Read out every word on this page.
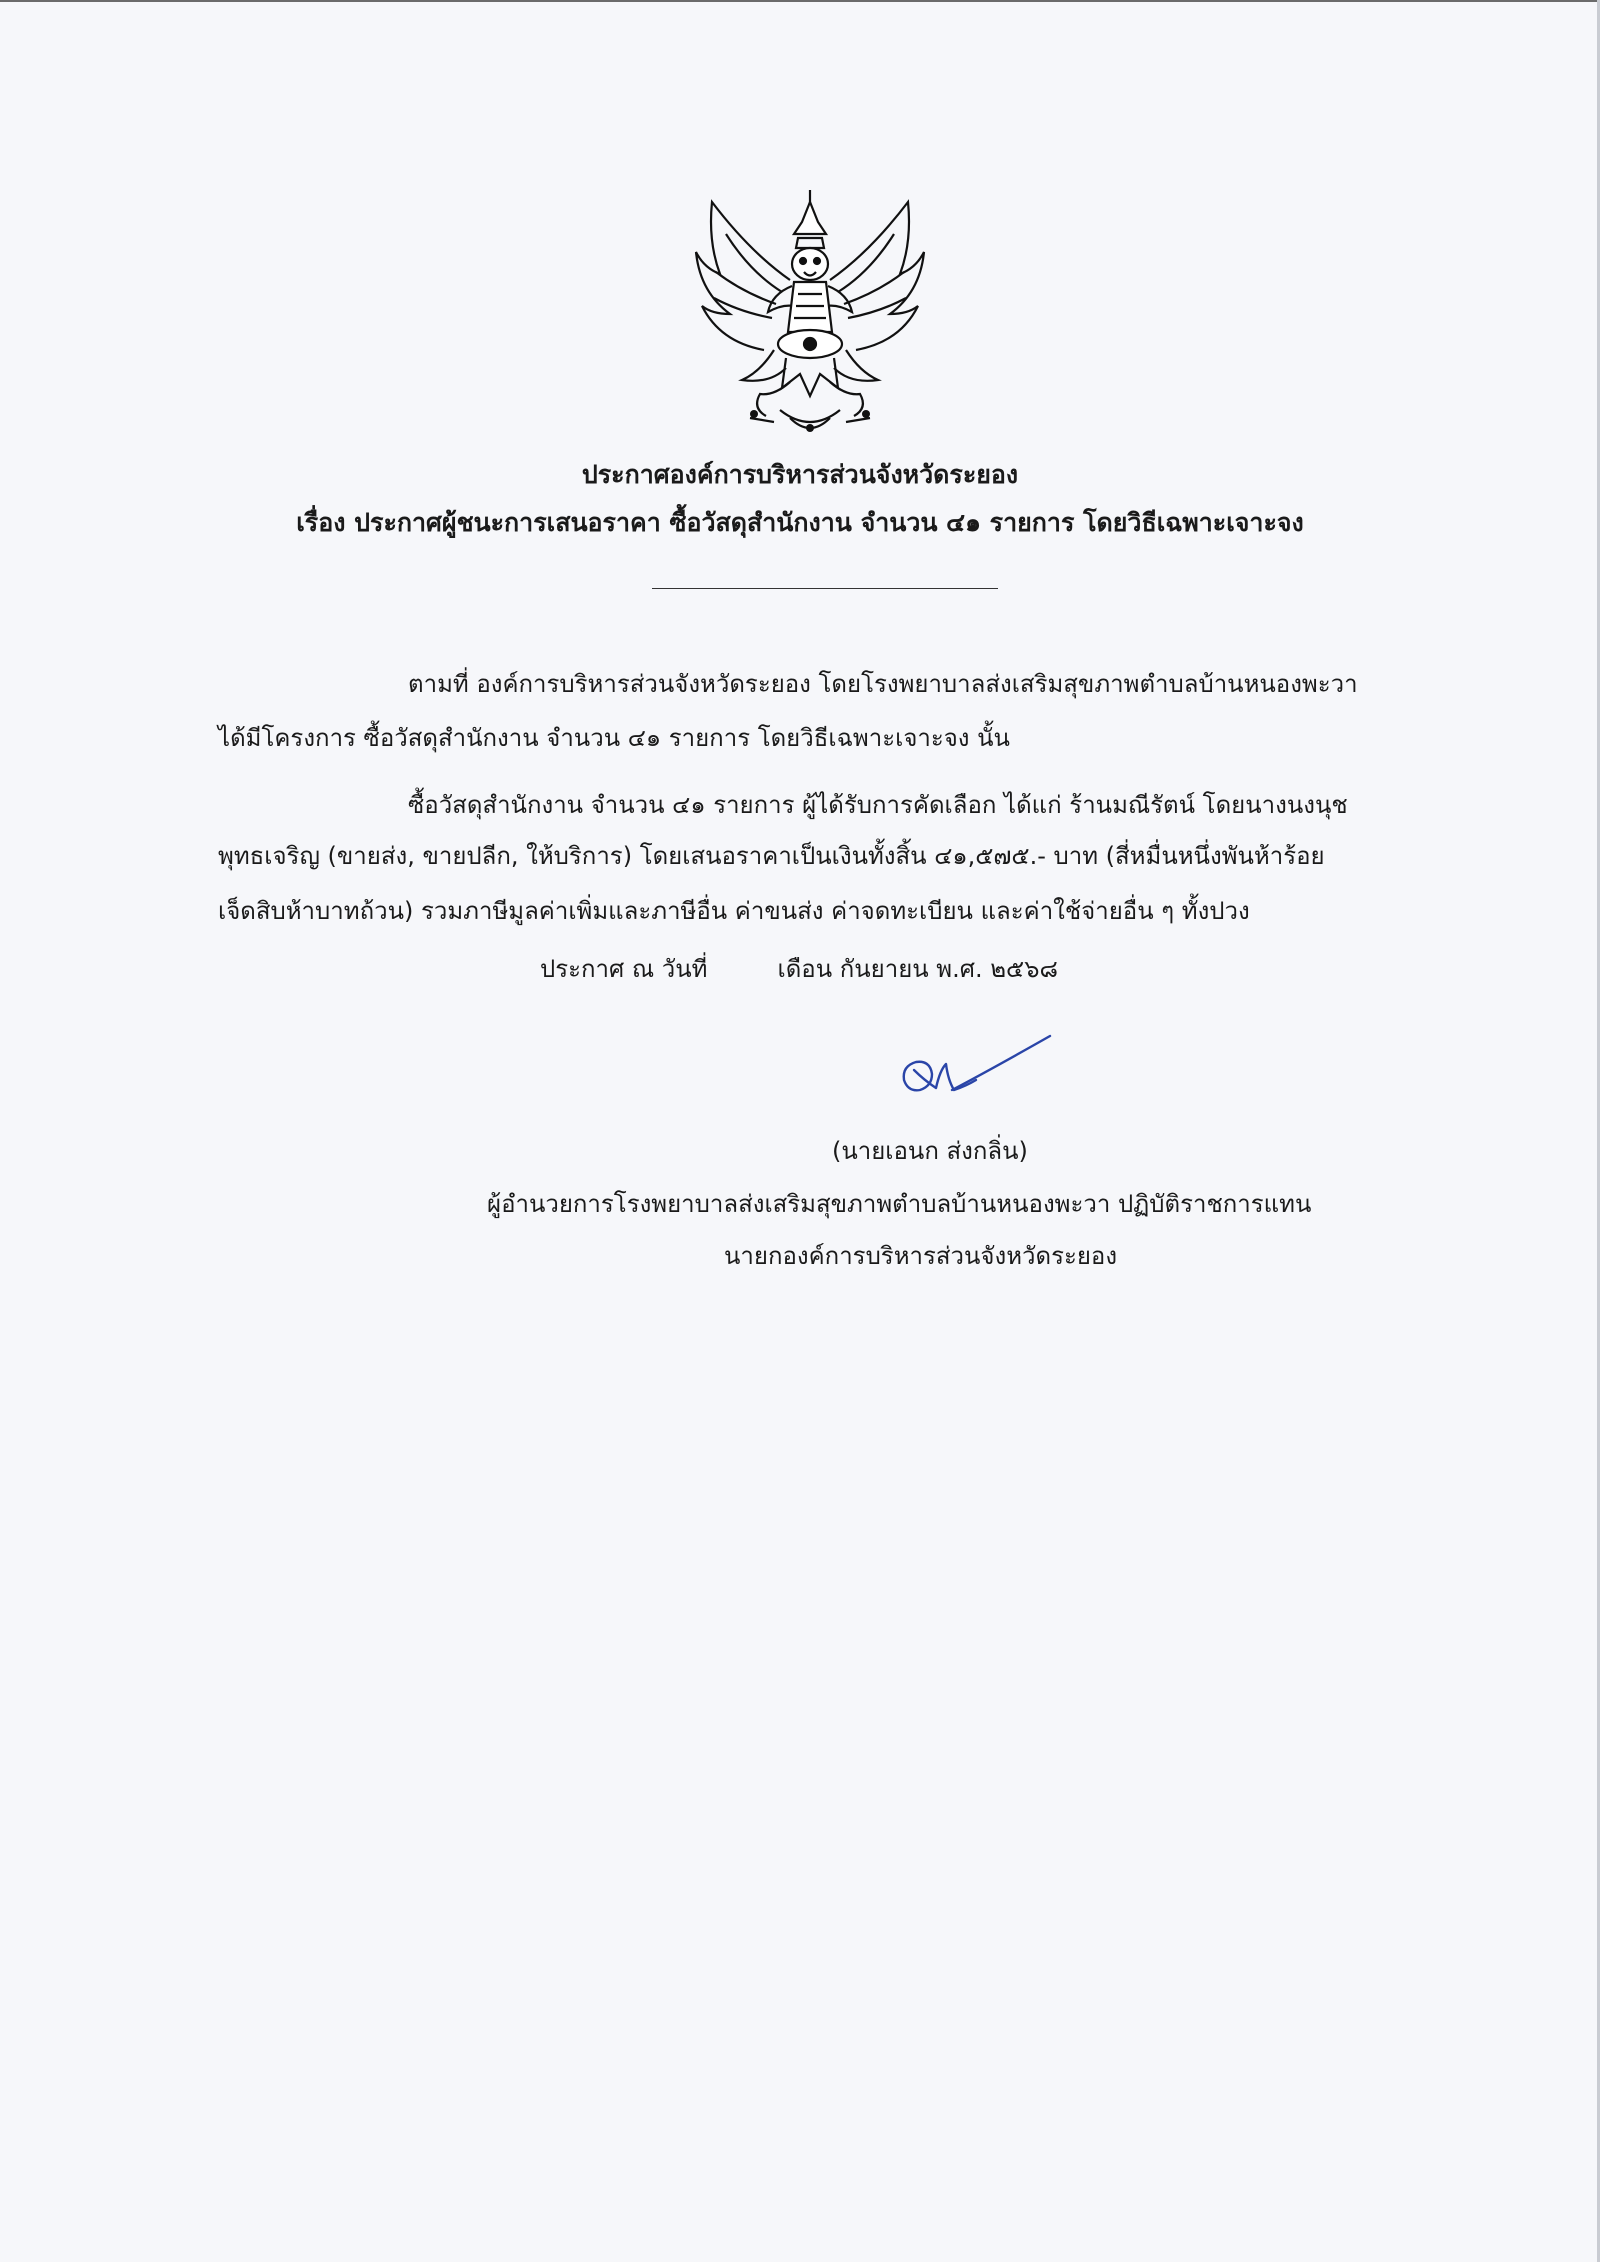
ประกาศองค์การบริหารส่วนจังหวัดระยอง
เรื่อง ประกาศผู้ชนะการเสนอราคา ซื้อวัสดุสำนักงาน จำนวน ๔๑ รายการ โดยวิธีเฉพาะเจาะจง
ตามที่ องค์การบริหารส่วนจังหวัดระยอง โดยโรงพยาบาลส่งเสริมสุขภาพตำบลบ้านหนองพะวา
ได้มีโครงการ ซื้อวัสดุสำนักงาน จำนวน ๔๑ รายการ โดยวิธีเฉพาะเจาะจง นั้น
ซื้อวัสดุสำนักงาน จำนวน ๔๑ รายการ ผู้ได้รับการคัดเลือก ได้แก่ ร้านมณีรัตน์ โดยนางนงนุช
พุทธเจริญ (ขายส่ง, ขายปลีก, ให้บริการ) โดยเสนอราคาเป็นเงินทั้งสิ้น ๔๑,๕๗๕.- บาท (สี่หมื่นหนึ่งพันห้าร้อย
เจ็ดสิบห้าบาทถ้วน) รวมภาษีมูลค่าเพิ่มและภาษีอื่น ค่าขนส่ง ค่าจดทะเบียน และค่าใช้จ่ายอื่น ๆ ทั้งปวง
ประกาศ ณ วันที่	เดือน กันยายน พ.ศ. ๒๕๖๘
(นายเอนก ส่งกลิ่น)
ผู้อำนวยการโรงพยาบาลส่งเสริมสุขภาพตำบลบ้านหนองพะวา ปฏิบัติราชการแทน
นายกองค์การบริหารส่วนจังหวัดระยอง
